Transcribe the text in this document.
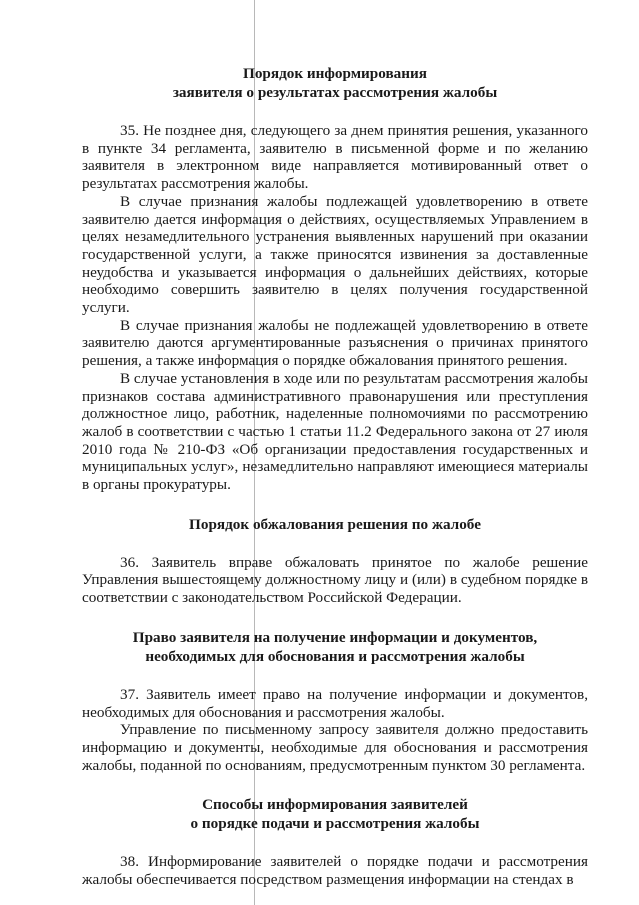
Порядок информирования
заявителя о результатах рассмотрения жалобы

35. Не позднее дня, следующего за днем принятия решения, указанного в пункте 34 регламента, заявителю в письменной форме и по желанию заявителя в электронном виде направляется мотивированный ответ о результатах рассмотрения жалобы.

В случае признания жалобы подлежащей удовлетворению в ответе заявителю дается информация о действиях, осуществляемых Управлением в целях незамедлительного устранения выявленных нарушений при оказании государственной услуги, а также приносятся извинения за доставленные неудобства и указывается информация о дальнейших действиях, которые необходимо совершить заявителю в целях получения государственной услуги.

В случае признания жалобы не подлежащей удовлетворению в ответе заявителю даются аргументированные разъяснения о причинах принятого решения, а также информация о порядке обжалования принятого решения.

В случае установления в ходе или по результатам рассмотрения жалобы признаков состава административного правонарушения или преступления должностное лицо, работник, наделенные полномочиями по рассмотрению жалоб в соответствии с частью 1 статьи 11.2 Федерального закона от 27 июля 2010 года № 210-ФЗ «Об организации предоставления государственных и муниципальных услуг», незамедлительно направляют имеющиеся материалы в органы прокуратуры.

Порядок обжалования решения по жалобе

36. Заявитель вправе обжаловать принятое по жалобе решение Управления вышестоящему должностному лицу и (или) в судебном порядке в соответствии с законодательством Российской Федерации.

Право заявителя на получение информации и документов,
необходимых для обоснования и рассмотрения жалобы

37. Заявитель имеет право на получение информации и документов, необходимых для обоснования и рассмотрения жалобы.

Управление по письменному запросу заявителя должно предоставить информацию и документы, необходимые для обоснования и рассмотрения жалобы, поданной по основаниям, предусмотренным пунктом 30 регламента.

Способы информирования заявителей
о порядке подачи и рассмотрения жалобы

38. Информирование заявителей о порядке подачи и рассмотрения жалобы обеспечивается посредством размещения информации на стендах в
